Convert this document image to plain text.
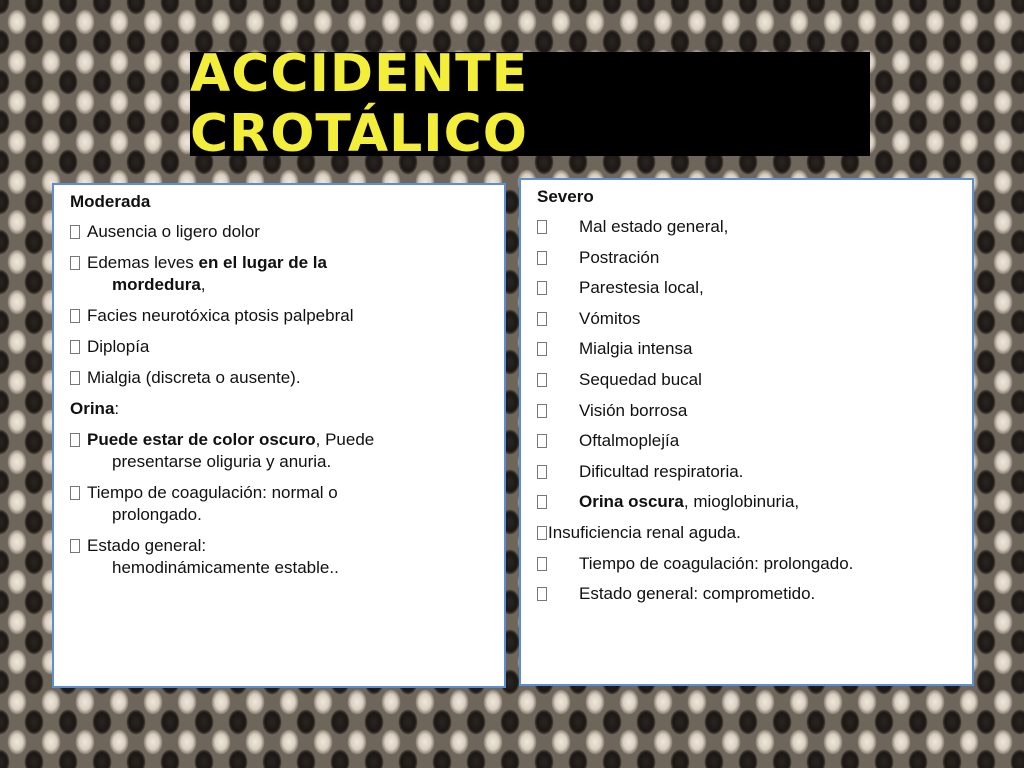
ACCIDENTE CROTÁLICO
Moderada
Ausencia o ligero dolor
Edemas leves en el lugar de la
mordedura,
Facies neurotóxica ptosis palpebral
Diplopía
Mialgia (discreta o ausente).
Orina:
Puede estar de color oscuro, Puede
presentarse oliguria y anuria.
Tiempo de coagulación: normal o
prolongado.
Estado general:
hemodinámicamente estable..
Severo
Mal estado general,
Postración
Parestesia local,
Vómitos
Mialgia intensa
Sequedad bucal
Visión borrosa
Oftalmoplejía
Dificultad respiratoria.
Orina oscura, mioglobinuria,
Insuficiencia renal aguda.
Tiempo de coagulación: prolongado.
Estado general: comprometido.
